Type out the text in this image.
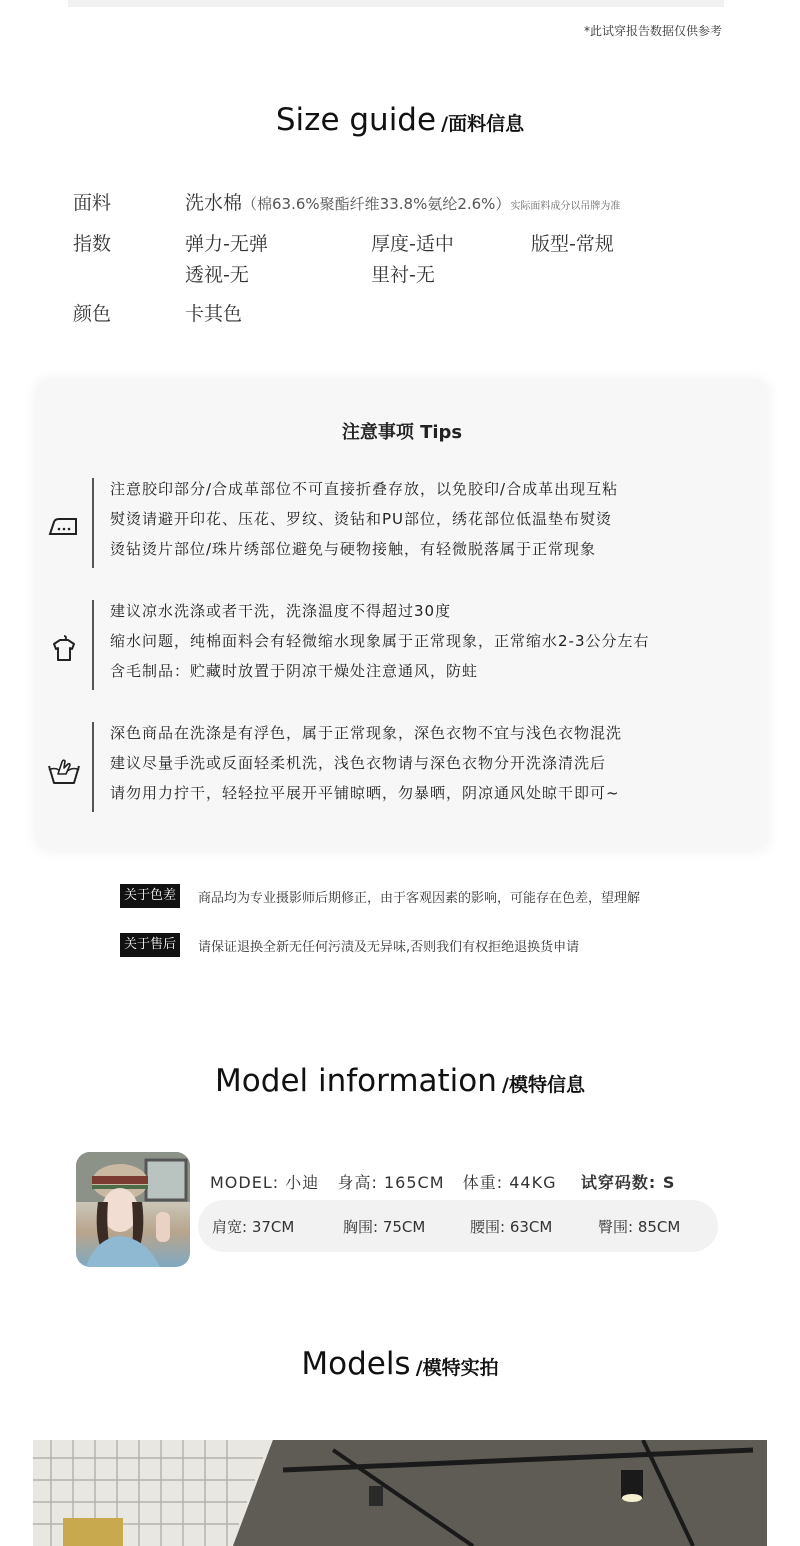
*此试穿报告数据仅供参考
Size guide /面料信息
面料	洗水棉（棉63.6%聚酯纤维33.8%氨纶2.6%）实际面料成分以吊牌为准
指数	弹力-无弹	厚度-适中	版型-常规
透视-无	里衬-无
颜色	卡其色
注意事项 Tips
注意胶印部分/合成革部位不可直接折叠存放，以免胶印/合成革出现互粘
熨烫请避开印花、压花、罗纹、烫钻和PU部位，绣花部位低温垫布熨烫
烫钻烫片部位/珠片绣部位避免与硬物接触，有轻微脱落属于正常现象
建议凉水洗涤或者干洗，洗涤温度不得超过30度
缩水问题，纯棉面料会有轻微缩水现象属于正常现象，正常缩水2-3公分左右
含毛制品：贮藏时放置于阴凉干燥处注意通风，防蛀
深色商品在洗涤是有浮色，属于正常现象，深色衣物不宜与浅色衣物混洗
建议尽量手洗或反面轻柔机洗，浅色衣物请与深色衣物分开洗涤清洗后
请勿用力拧干，轻轻拉平展开平铺晾晒，勿暴晒，阴凉通风处晾干即可~
关于色差	商品均为专业摄影师后期修正，由于客观因素的影响，可能存在色差，望理解
关于售后	请保证退换全新无任何污渍及无异味,否则我们有权拒绝退换货申请
Model information /模特信息
MODEL: 小迪 身高: 165CM 体重: 44KG 试穿码数: S
肩宽: 37CM	胸围: 75CM	腰围: 63CM	臀围: 85CM
Models /模特实拍
